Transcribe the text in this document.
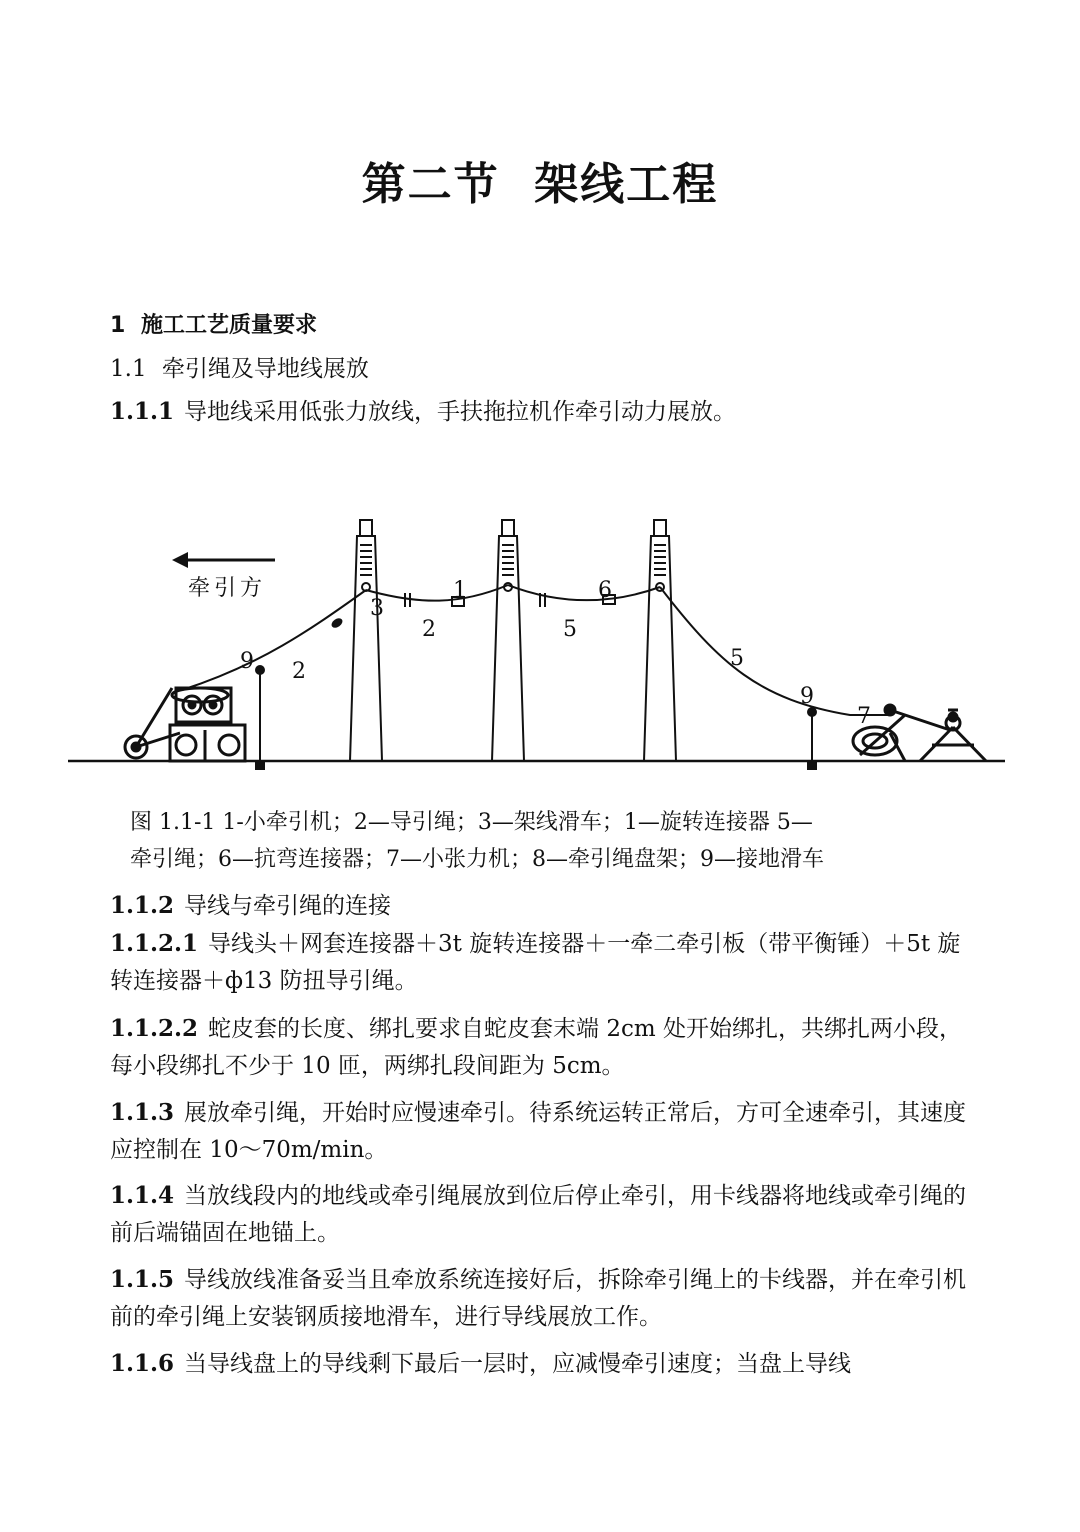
第二节  架线工程
1 施工工艺质量要求
1.1 牵引绳及导地线展放
1.1.1 导地线采用低张力放线，手扶拖拉机作牵引动力展放。
牵引方	1
2
2
3
5
5
6
7
9
9
图 1.1-1 1-小牵引机；2—导引绳；3—架线滑车；1—旋转连接器 5—
牵引绳；6—抗弯连接器；7—小张力机；8—牵引绳盘架；9—接地滑车
1.1.2 导线与牵引绳的连接
1.1.2.1 导线头＋网套连接器＋3t 旋转连接器＋一牵二牵引板（带平衡锤）＋5t 旋转连接器＋ф13 防扭导引绳。
1.1.2.2 蛇皮套的长度、绑扎要求自蛇皮套末端 2cm 处开始绑扎，共绑扎两小段，每小段绑扎不少于 10 匝，两绑扎段间距为 5cm。
1.1.3 展放牵引绳，开始时应慢速牵引。待系统运转正常后，方可全速牵引，其速度应控制在 10～70m/min。
1.1.4 当放线段内的地线或牵引绳展放到位后停止牵引，用卡线器将地线或牵引绳的前后端锚固在地锚上。
1.1.5 导线放线准备妥当且牵放系统连接好后，拆除牵引绳上的卡线器，并在牵引机前的牵引绳上安装钢质接地滑车，进行导线展放工作。
1.1.6 当导线盘上的导线剩下最后一层时，应减慢牵引速度；当盘上导线
